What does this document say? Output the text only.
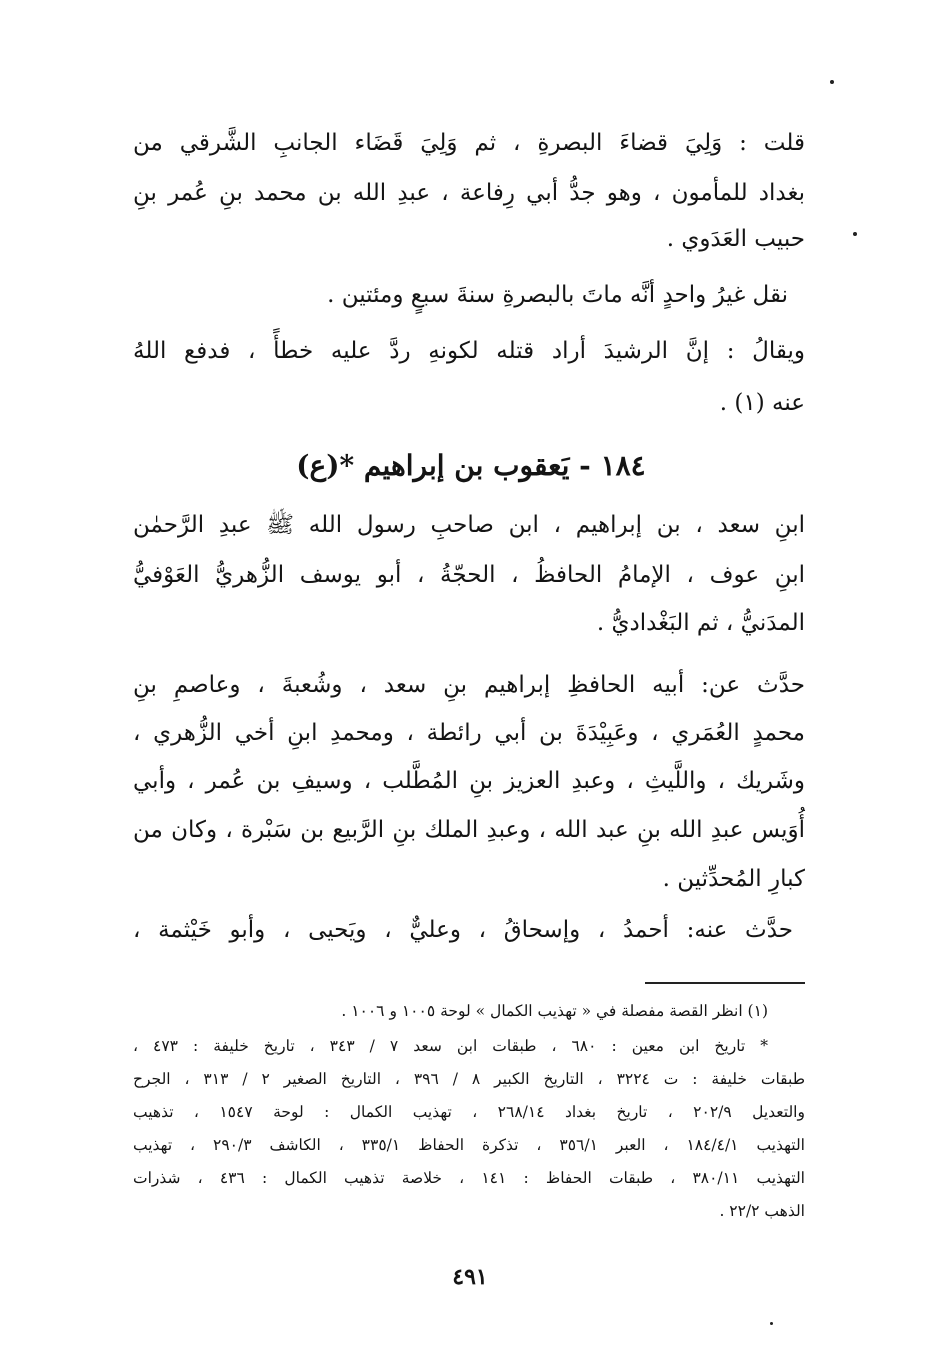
قلت : وَلِيَ قضاءَ البصرةِ ، ثم وَلِيَ قَضَاء الجانبِ الشَّرقي من
بغداد للمأمون ، وهو جدُّ أبي رِفاعة ، عبدِ الله بن محمد بنِ عُمر بنِ
حبيب العَدَوي .
نقل غيرُ واحدٍ أنَّه ماتَ بالبصرةِ سنةَ سبعٍ ومئتين .
ويقالُ : إنَّ الرشيدَ أراد قتله لكونهِ ردَّ عليه خطأً ، فدفع اللهُ
عنه (١) .
١٨٤ - يَعقوب بن إبراهيم *(ع)
ابنِ سعد ، بن إبراهيم ، ابن صاحبِ رسول الله ﷺ عبدِ الرَّحمٰن
ابنِ عوف ، الإمامُ الحافظُ ، الحجّةُ ، أبو يوسف الزُّهريُّ العَوْفيُّ
المدَنيُّ ، ثم البَغْداديُّ .
حدَّث عن: أبيه الحافظِ إبراهيم بنِ سعد ، وشُعبةَ ، وعاصمِ بنِ
محمدٍ العُمَري ، وعَبِيْدَةَ بن أبي رائطة ، ومحمدِ ابنِ أخي الزُّهري ،
وشَريك ، واللَّيثِ ، وعبدِ العزيز بنِ المُطَّلب ، وسيفِ بن عُمر ، وأبي
أُوَيس عبدِ الله بنِ عبد الله ، وعبدِ الملك بنِ الرَّبيع بن سَبْرة ، وكان من
كبارِ المُحدِّثين .
حدَّث عنه: أحمدُ ، وإسحاقُ ، وعليٌّ ، ويَحيى ، وأبو خَيْثمة ،
(١) انظر القصة مفصلة في « تهذيب الكمال » لوحة ١٠٠٥ و ١٠٠٦ .
* تاريخ ابن معين : ٦٨٠ ، طبقات ابن سعد ٧ / ٣٤٣ ، تاريخ خليفة : ٤٧٣ ،
طبقات خليفة : ت ٣٢٢٤ ، التاريخ الكبير ٨ / ٣٩٦ ، التاريخ الصغير ٢ / ٣١٣ ، الجرح
والتعديل ٢٠٢/٩ ، تاريخ بغداد ٢٦٨/١٤ ، تهذيب الكمال : لوحة ١٥٤٧ ، تذهيب
التهذيب ١٨٤/٤/١ ، العبر ٣٥٦/١ ، تذكرة الحفاظ ٣٣٥/١ ، الكاشف ٢٩٠/٣ ، تهذيب
التهذيب ٣٨٠/١١ ، طبقات الحفاظ : ١٤١ ، خلاصة تذهيب الكمال : ٤٣٦ ، شذرات
الذهب ٢٢/٢ .
٤٩١
